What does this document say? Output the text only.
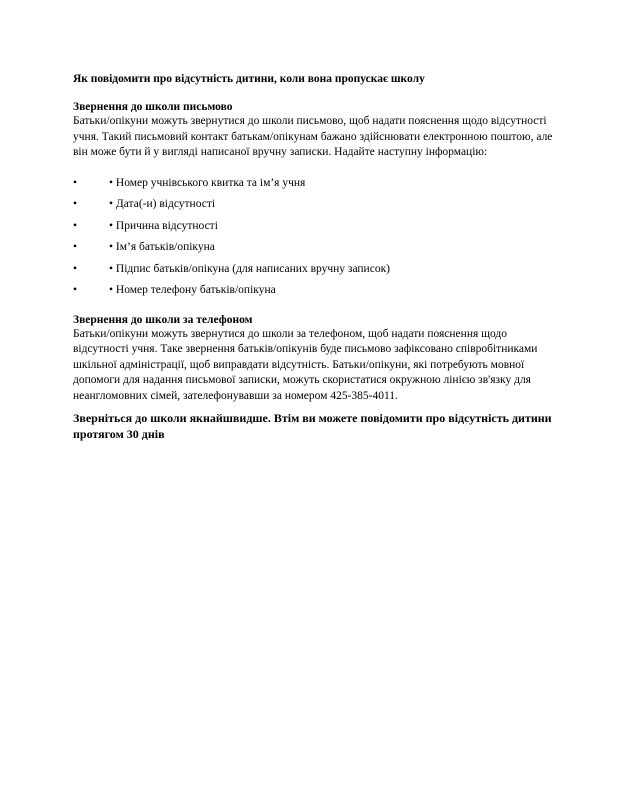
Як повідомити про відсутність дитини, коли вона пропускає школу

Звернення до школи письмово

Батьки/опікуни можуть звернутися до школи письмово, щоб надати пояснення щодо відсутності учня. Такий письмовий контакт батькам/опікунам бажано здійснювати електронною поштою, але він може бути й у вигляді написаної вручну записки. Надайте наступну інформацію:

•	• Номер учнівського квитка та ім’я учня
•	• Дата(-и) відсутності
•	• Причина відсутності
•	• Ім’я батьків/опікуна
•	• Підпис батьків/опікуна (для написаних вручну записок)
•	• Номер телефону батьків/опікуна

Звернення до школи за телефоном

Батьки/опікуни можуть звернутися до школи за телефоном, щоб надати пояснення щодо відсутності учня. Таке звернення батьків/опікунів буде письмово зафіксовано співробітниками шкільної адміністрації, щоб виправдати відсутність. Батьки/опікуни, які потребують мовної допомоги для надання письмової записки, можуть скористатися окружною лінією зв'язку для неангломовних сімей, зателефонувавши за номером 425-385-4011.

Зверніться до школи якнайшвидше. Втім ви можете повідомити про відсутність дитини протягом 30 днів
